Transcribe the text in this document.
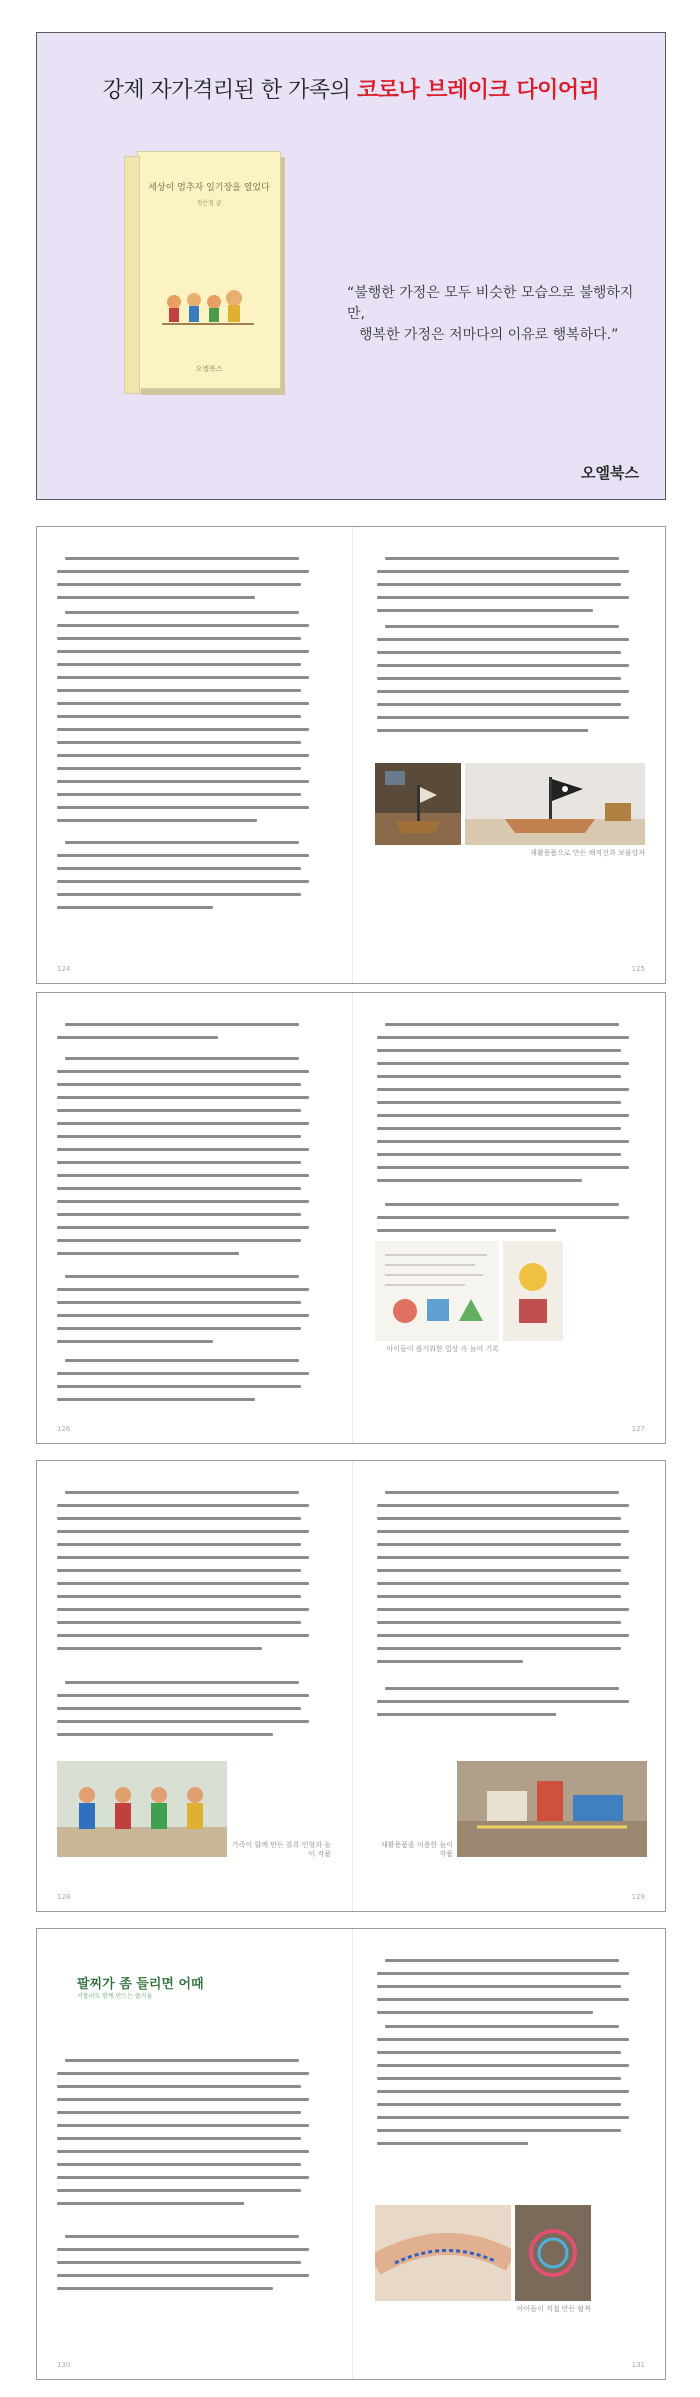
강제 자가격리된 한 가족의 코로나 브레이크 다이어리
세상이 멈추자 일기장을 열었다
정은정 글
오엘북스
“불행한 가정은 모두 비슷한 모습으로 불행하지만,
행복한 가정은 저마다의 이유로 행복하다.”
오엘북스
재활용품으로 만든 해적선과 보물상자
124	125
아이들이 즐거워한 일상 속 놀이 기록
126	127
가족이 함께 만든 블록 인형과 놀이 작품
재활용품을 이용한 놀이 작품
128	129
팔찌가 좀 들리면 어때
서툴러도 함께 만드는 즐거움
아이들이 직접 만든 팔찌
130	131
